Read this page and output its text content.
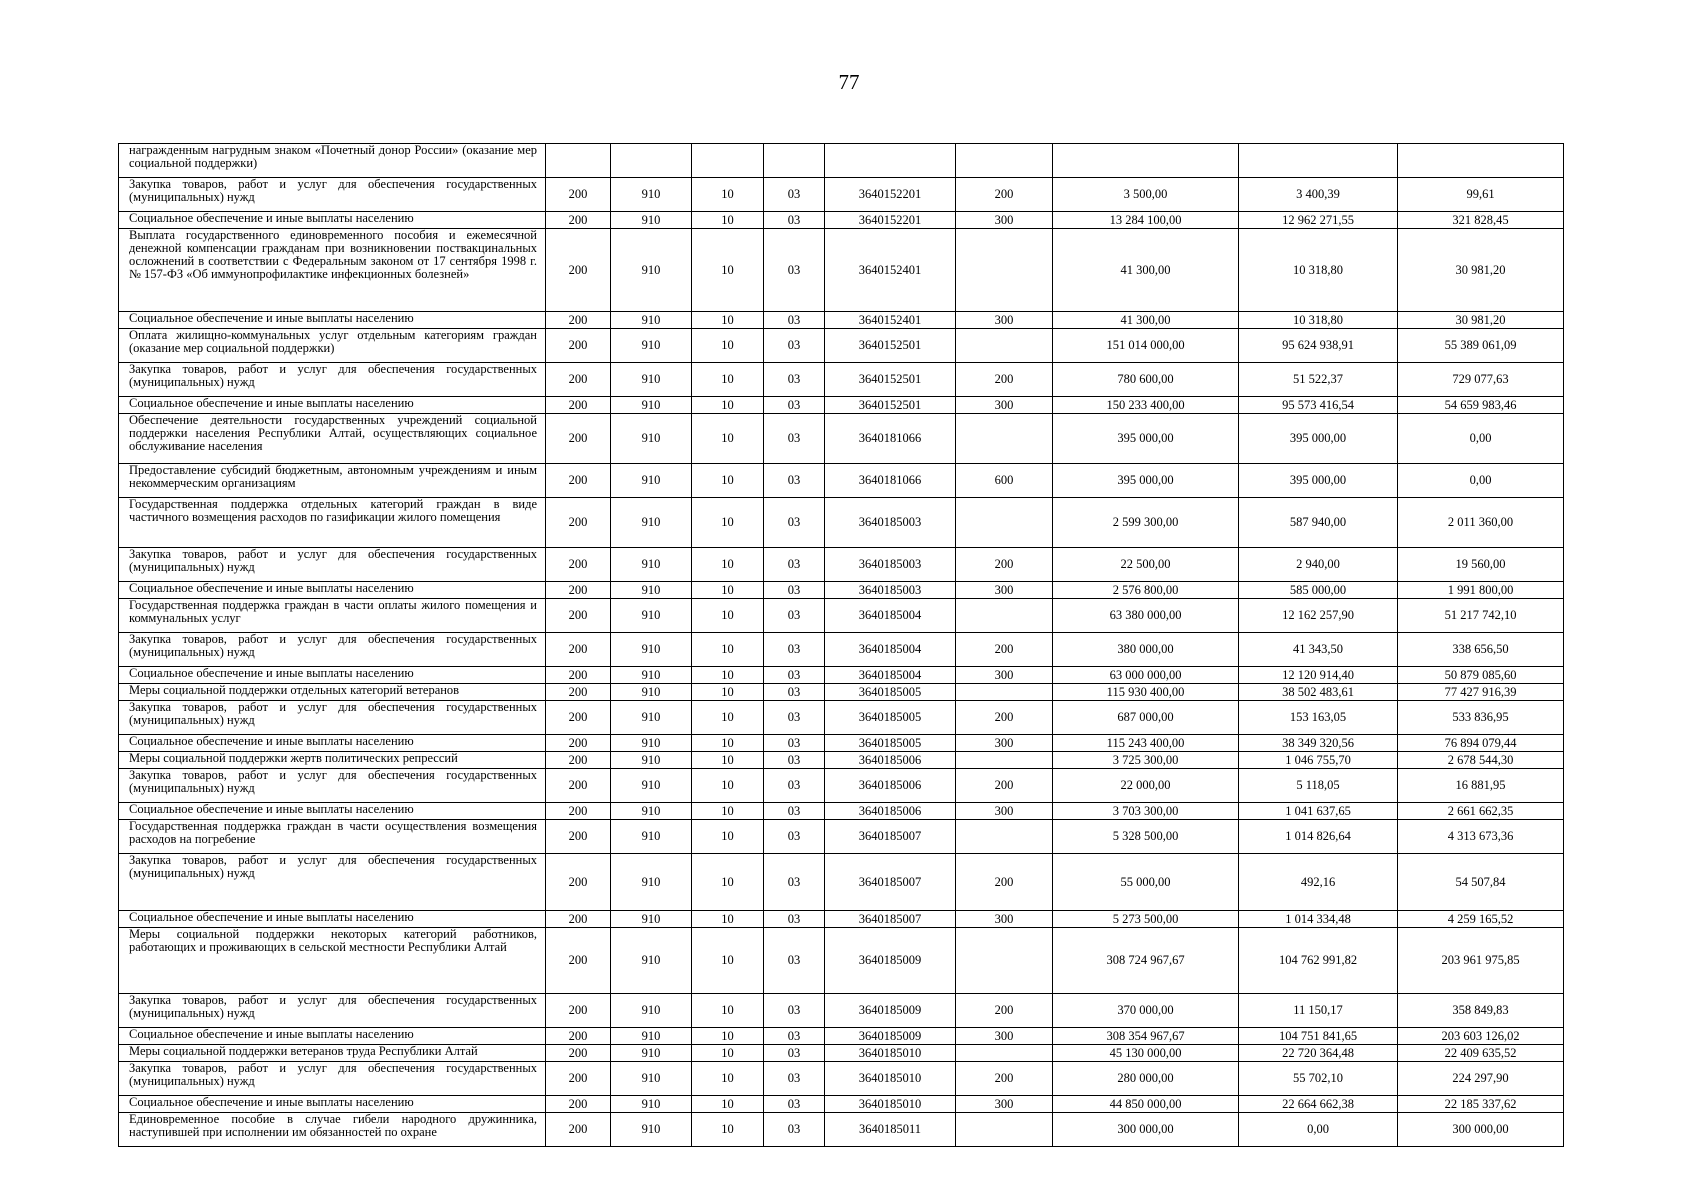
77
награжденным нагрудным знаком «Почетный донор России» (оказание мер социальной поддержки)									
Закупка товаров, работ и услуг для обеспечения государственных (муниципальных) нужд	200	910	10	03	3640152201	200	3 500,00	3 400,39	99,61
Социальное обеспечение и иные выплаты населению	200	910	10	03	3640152201	300	13 284 100,00	12 962 271,55	321 828,45
Выплата государственного единовременного пособия и ежемесячной денежной компенсации гражданам при возникновении поствакцинальных осложнений в соответствии с Федеральным законом от 17 сентября 1998 г. № 157-ФЗ «Об иммунопрофилактике инфекционных болезней»	200	910	10	03	3640152401		41 300,00	10 318,80	30 981,20
Социальное обеспечение и иные выплаты населению	200	910	10	03	3640152401	300	41 300,00	10 318,80	30 981,20
Оплата жилищно-коммунальных услуг отдельным категориям граждан (оказание мер социальной поддержки)	200	910	10	03	3640152501		151 014 000,00	95 624 938,91	55 389 061,09
Закупка товаров, работ и услуг для обеспечения государственных (муниципальных) нужд	200	910	10	03	3640152501	200	780 600,00	51 522,37	729 077,63
Социальное обеспечение и иные выплаты населению	200	910	10	03	3640152501	300	150 233 400,00	95 573 416,54	54 659 983,46
Обеспечение деятельности государственных учреждений социальной поддержки населения Республики Алтай, осуществляющих социальное обслуживание населения	200	910	10	03	3640181066		395 000,00	395 000,00	0,00
Предоставление субсидий бюджетным, автономным учреждениям и иным некоммерческим организациям	200	910	10	03	3640181066	600	395 000,00	395 000,00	0,00
Государственная поддержка отдельных категорий граждан в виде частичного возмещения расходов по газификации жилого помещения	200	910	10	03	3640185003		2 599 300,00	587 940,00	2 011 360,00
Закупка товаров, работ и услуг для обеспечения государственных (муниципальных) нужд	200	910	10	03	3640185003	200	22 500,00	2 940,00	19 560,00
Социальное обеспечение и иные выплаты населению	200	910	10	03	3640185003	300	2 576 800,00	585 000,00	1 991 800,00
Государственная поддержка граждан в части оплаты жилого помещения и коммунальных услуг	200	910	10	03	3640185004		63 380 000,00	12 162 257,90	51 217 742,10
Закупка товаров, работ и услуг для обеспечения государственных (муниципальных) нужд	200	910	10	03	3640185004	200	380 000,00	41 343,50	338 656,50
Социальное обеспечение и иные выплаты населению	200	910	10	03	3640185004	300	63 000 000,00	12 120 914,40	50 879 085,60
Меры социальной поддержки отдельных категорий ветеранов	200	910	10	03	3640185005		115 930 400,00	38 502 483,61	77 427 916,39
Закупка товаров, работ и услуг для обеспечения государственных (муниципальных) нужд	200	910	10	03	3640185005	200	687 000,00	153 163,05	533 836,95
Социальное обеспечение и иные выплаты населению	200	910	10	03	3640185005	300	115 243 400,00	38 349 320,56	76 894 079,44
Меры социальной поддержки жертв политических репрессий	200	910	10	03	3640185006		3 725 300,00	1 046 755,70	2 678 544,30
Закупка товаров, работ и услуг для обеспечения государственных (муниципальных) нужд	200	910	10	03	3640185006	200	22 000,00	5 118,05	16 881,95
Социальное обеспечение и иные выплаты населению	200	910	10	03	3640185006	300	3 703 300,00	1 041 637,65	2 661 662,35
Государственная поддержка граждан в части осуществления возмещения расходов на погребение	200	910	10	03	3640185007		5 328 500,00	1 014 826,64	4 313 673,36
Закупка товаров, работ и услуг для обеспечения государственных (муниципальных) нужд	200	910	10	03	3640185007	200	55 000,00	492,16	54 507,84
Социальное обеспечение и иные выплаты населению	200	910	10	03	3640185007	300	5 273 500,00	1 014 334,48	4 259 165,52
Меры социальной поддержки некоторых категорий работников, работающих и проживающих в сельской местности Республики Алтай	200	910	10	03	3640185009		308 724 967,67	104 762 991,82	203 961 975,85
Закупка товаров, работ и услуг для обеспечения государственных (муниципальных) нужд	200	910	10	03	3640185009	200	370 000,00	11 150,17	358 849,83
Социальное обеспечение и иные выплаты населению	200	910	10	03	3640185009	300	308 354 967,67	104 751 841,65	203 603 126,02
Меры социальной поддержки ветеранов труда Республики Алтай	200	910	10	03	3640185010		45 130 000,00	22 720 364,48	22 409 635,52
Закупка товаров, работ и услуг для обеспечения государственных (муниципальных) нужд	200	910	10	03	3640185010	200	280 000,00	55 702,10	224 297,90
Социальное обеспечение и иные выплаты населению	200	910	10	03	3640185010	300	44 850 000,00	22 664 662,38	22 185 337,62
Единовременное пособие в случае гибели народного дружинника, наступившей при исполнении им обязанностей по охране	200	910	10	03	3640185011		300 000,00	0,00	300 000,00
